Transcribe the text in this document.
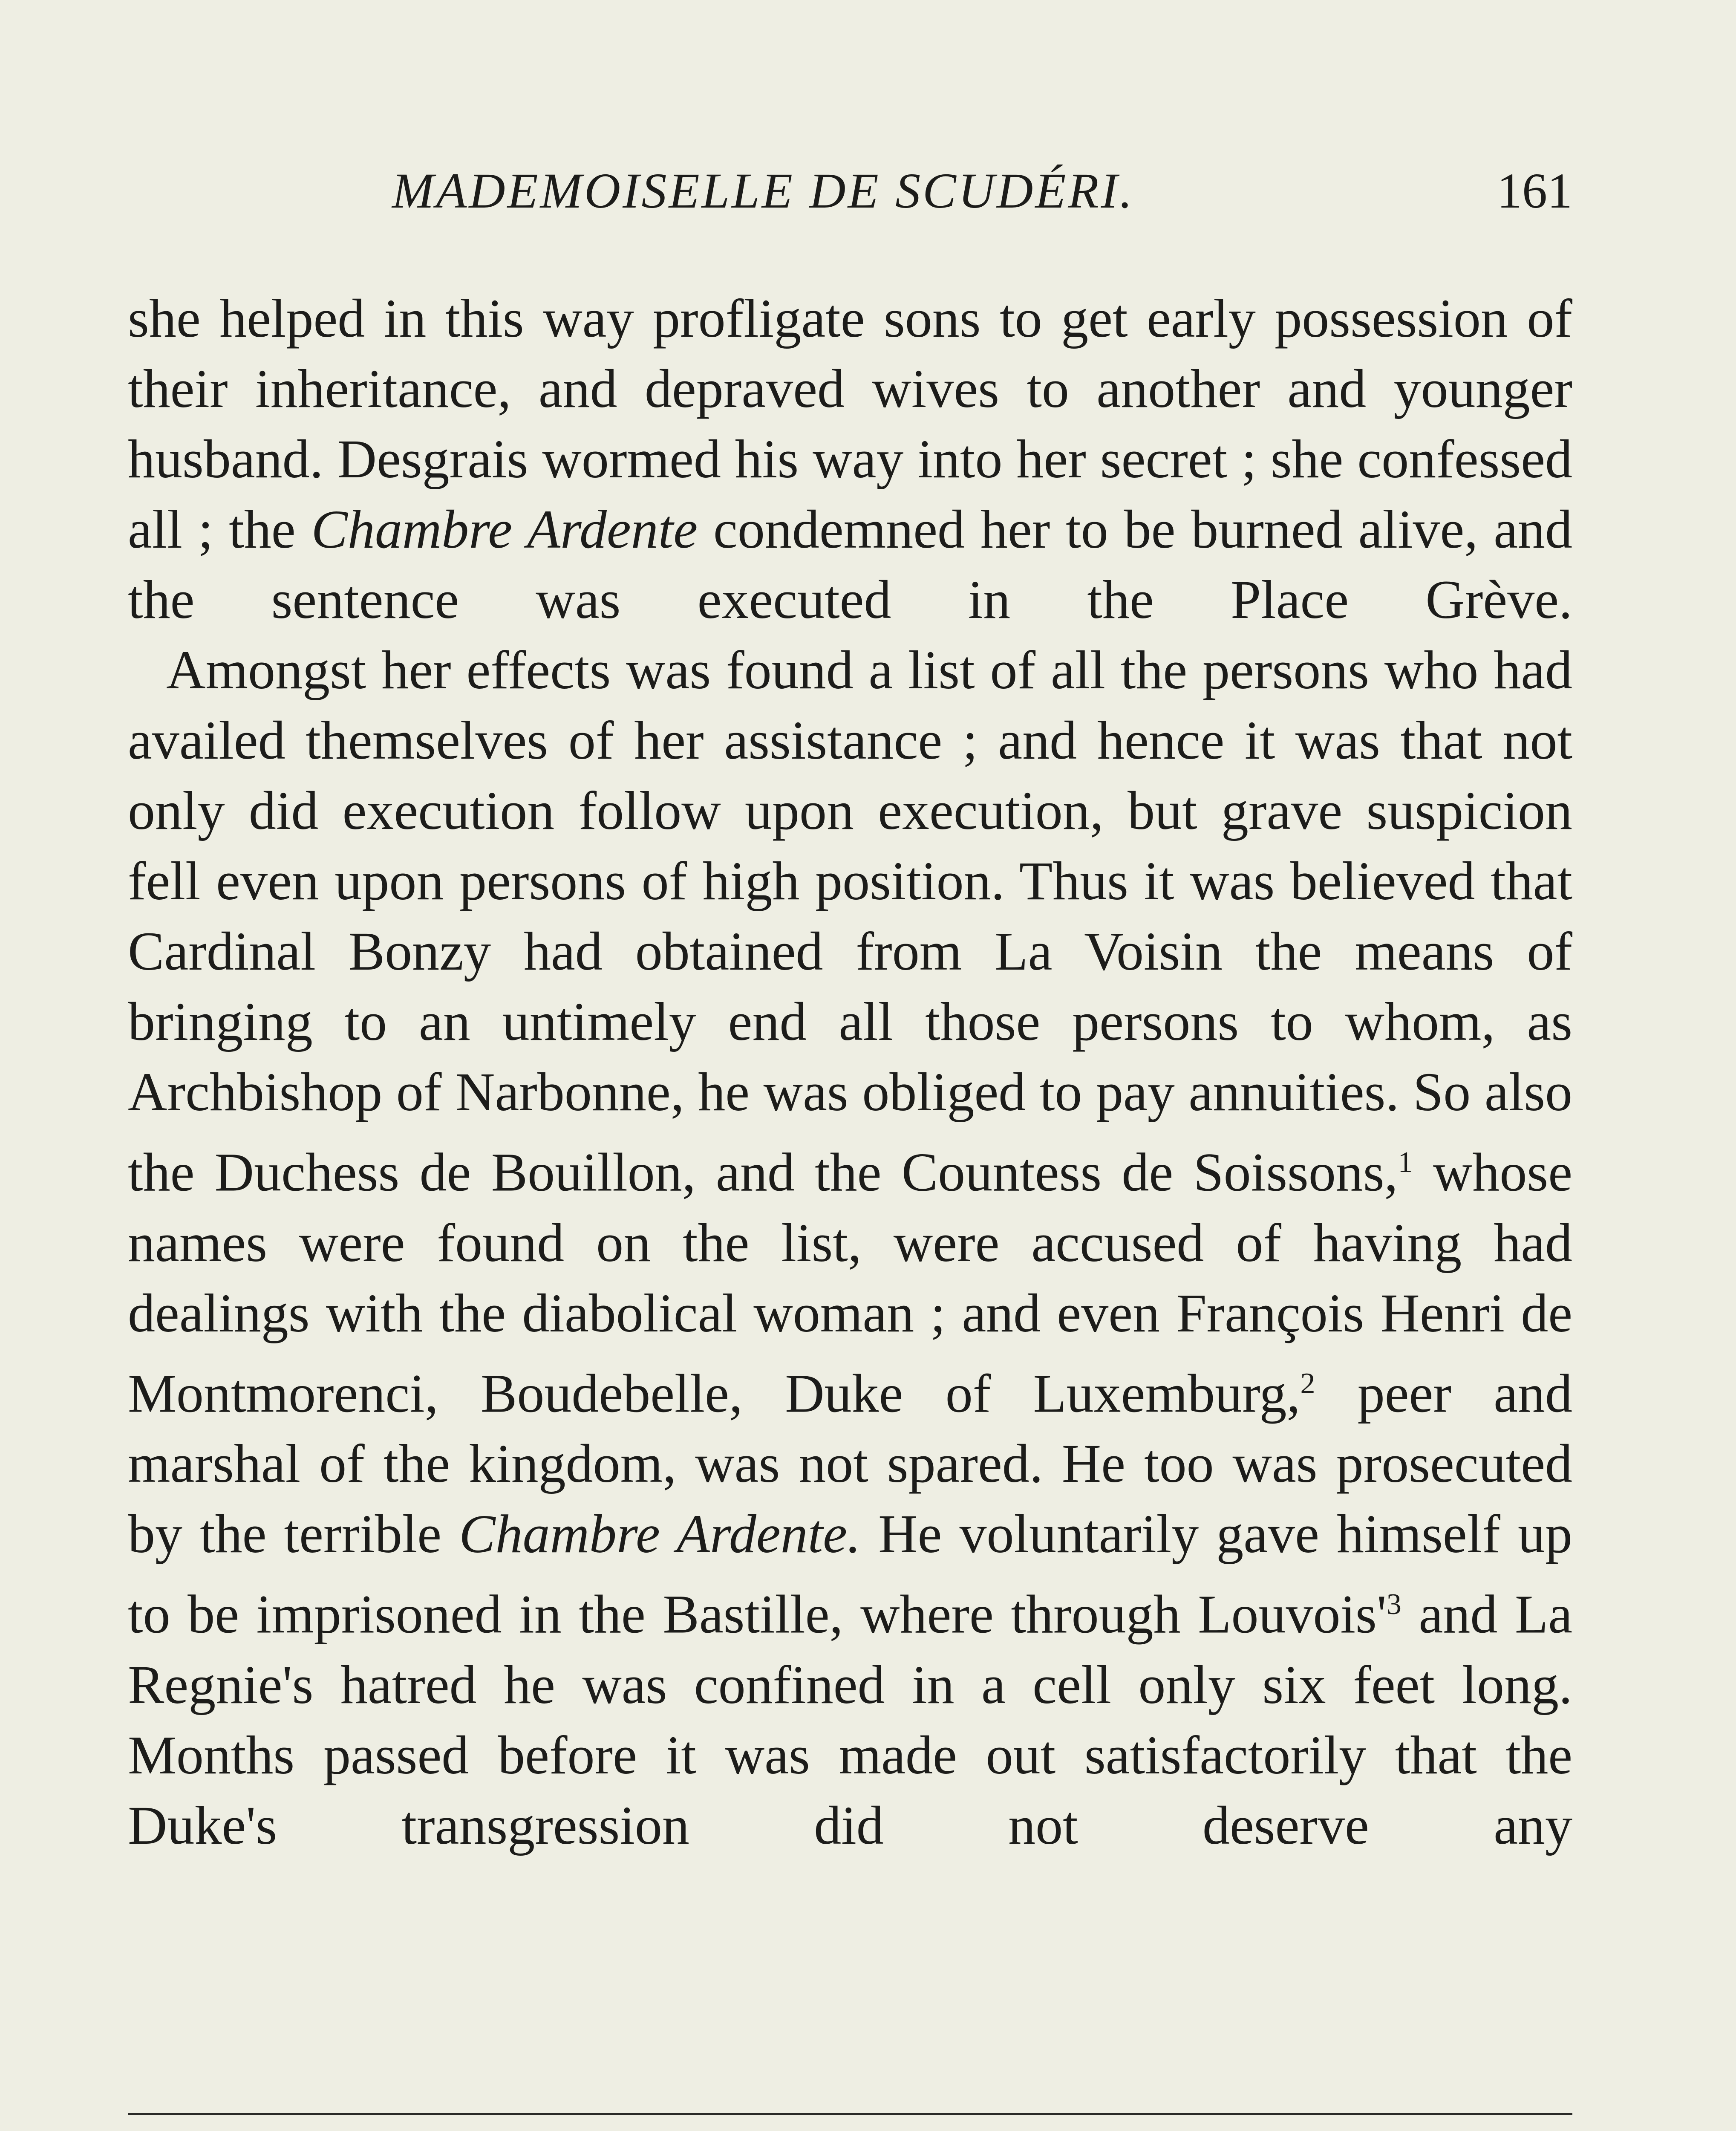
MADEMOISELLE DE SCUDÉRI.	161

she helped in this way profligate sons to get early possession of their inheritance, and depraved wives to another and younger husband. Desgrais wormed his way into her secret ; she confessed all ; the Chambre Ardente condemned her to be burned alive, and the sentence was executed in the Place Grève.

Amongst her effects was found a list of all the persons who had availed themselves of her assistance ; and hence it was that not only did execution follow upon execution, but grave suspicion fell even upon persons of high position. Thus it was believed that Cardinal Bonzy had obtained from La Voisin the means of bringing to an untimely end all those persons to whom, as Archbishop of Narbonne, he was obliged to pay annuities. So also the Duchess de Bouillon, and the Countess de Soissons,$^1$ whose names were found on the list, were accused of having had dealings with the diabolical woman ; and even François Henri de Montmorenci, Boudebelle, Duke of Luxemburg,$^2$ peer and marshal of the kingdom, was not spared. He too was prosecuted by the terrible Chambre Ardente. He voluntarily gave himself up to be imprisoned in the Bastille, where through $Louvois'^3$ and La Regnie's hatred he was confined in a cell only six feet long. Months passed before it was made out satisfactorily that the Duke's transgression did not deserve any
